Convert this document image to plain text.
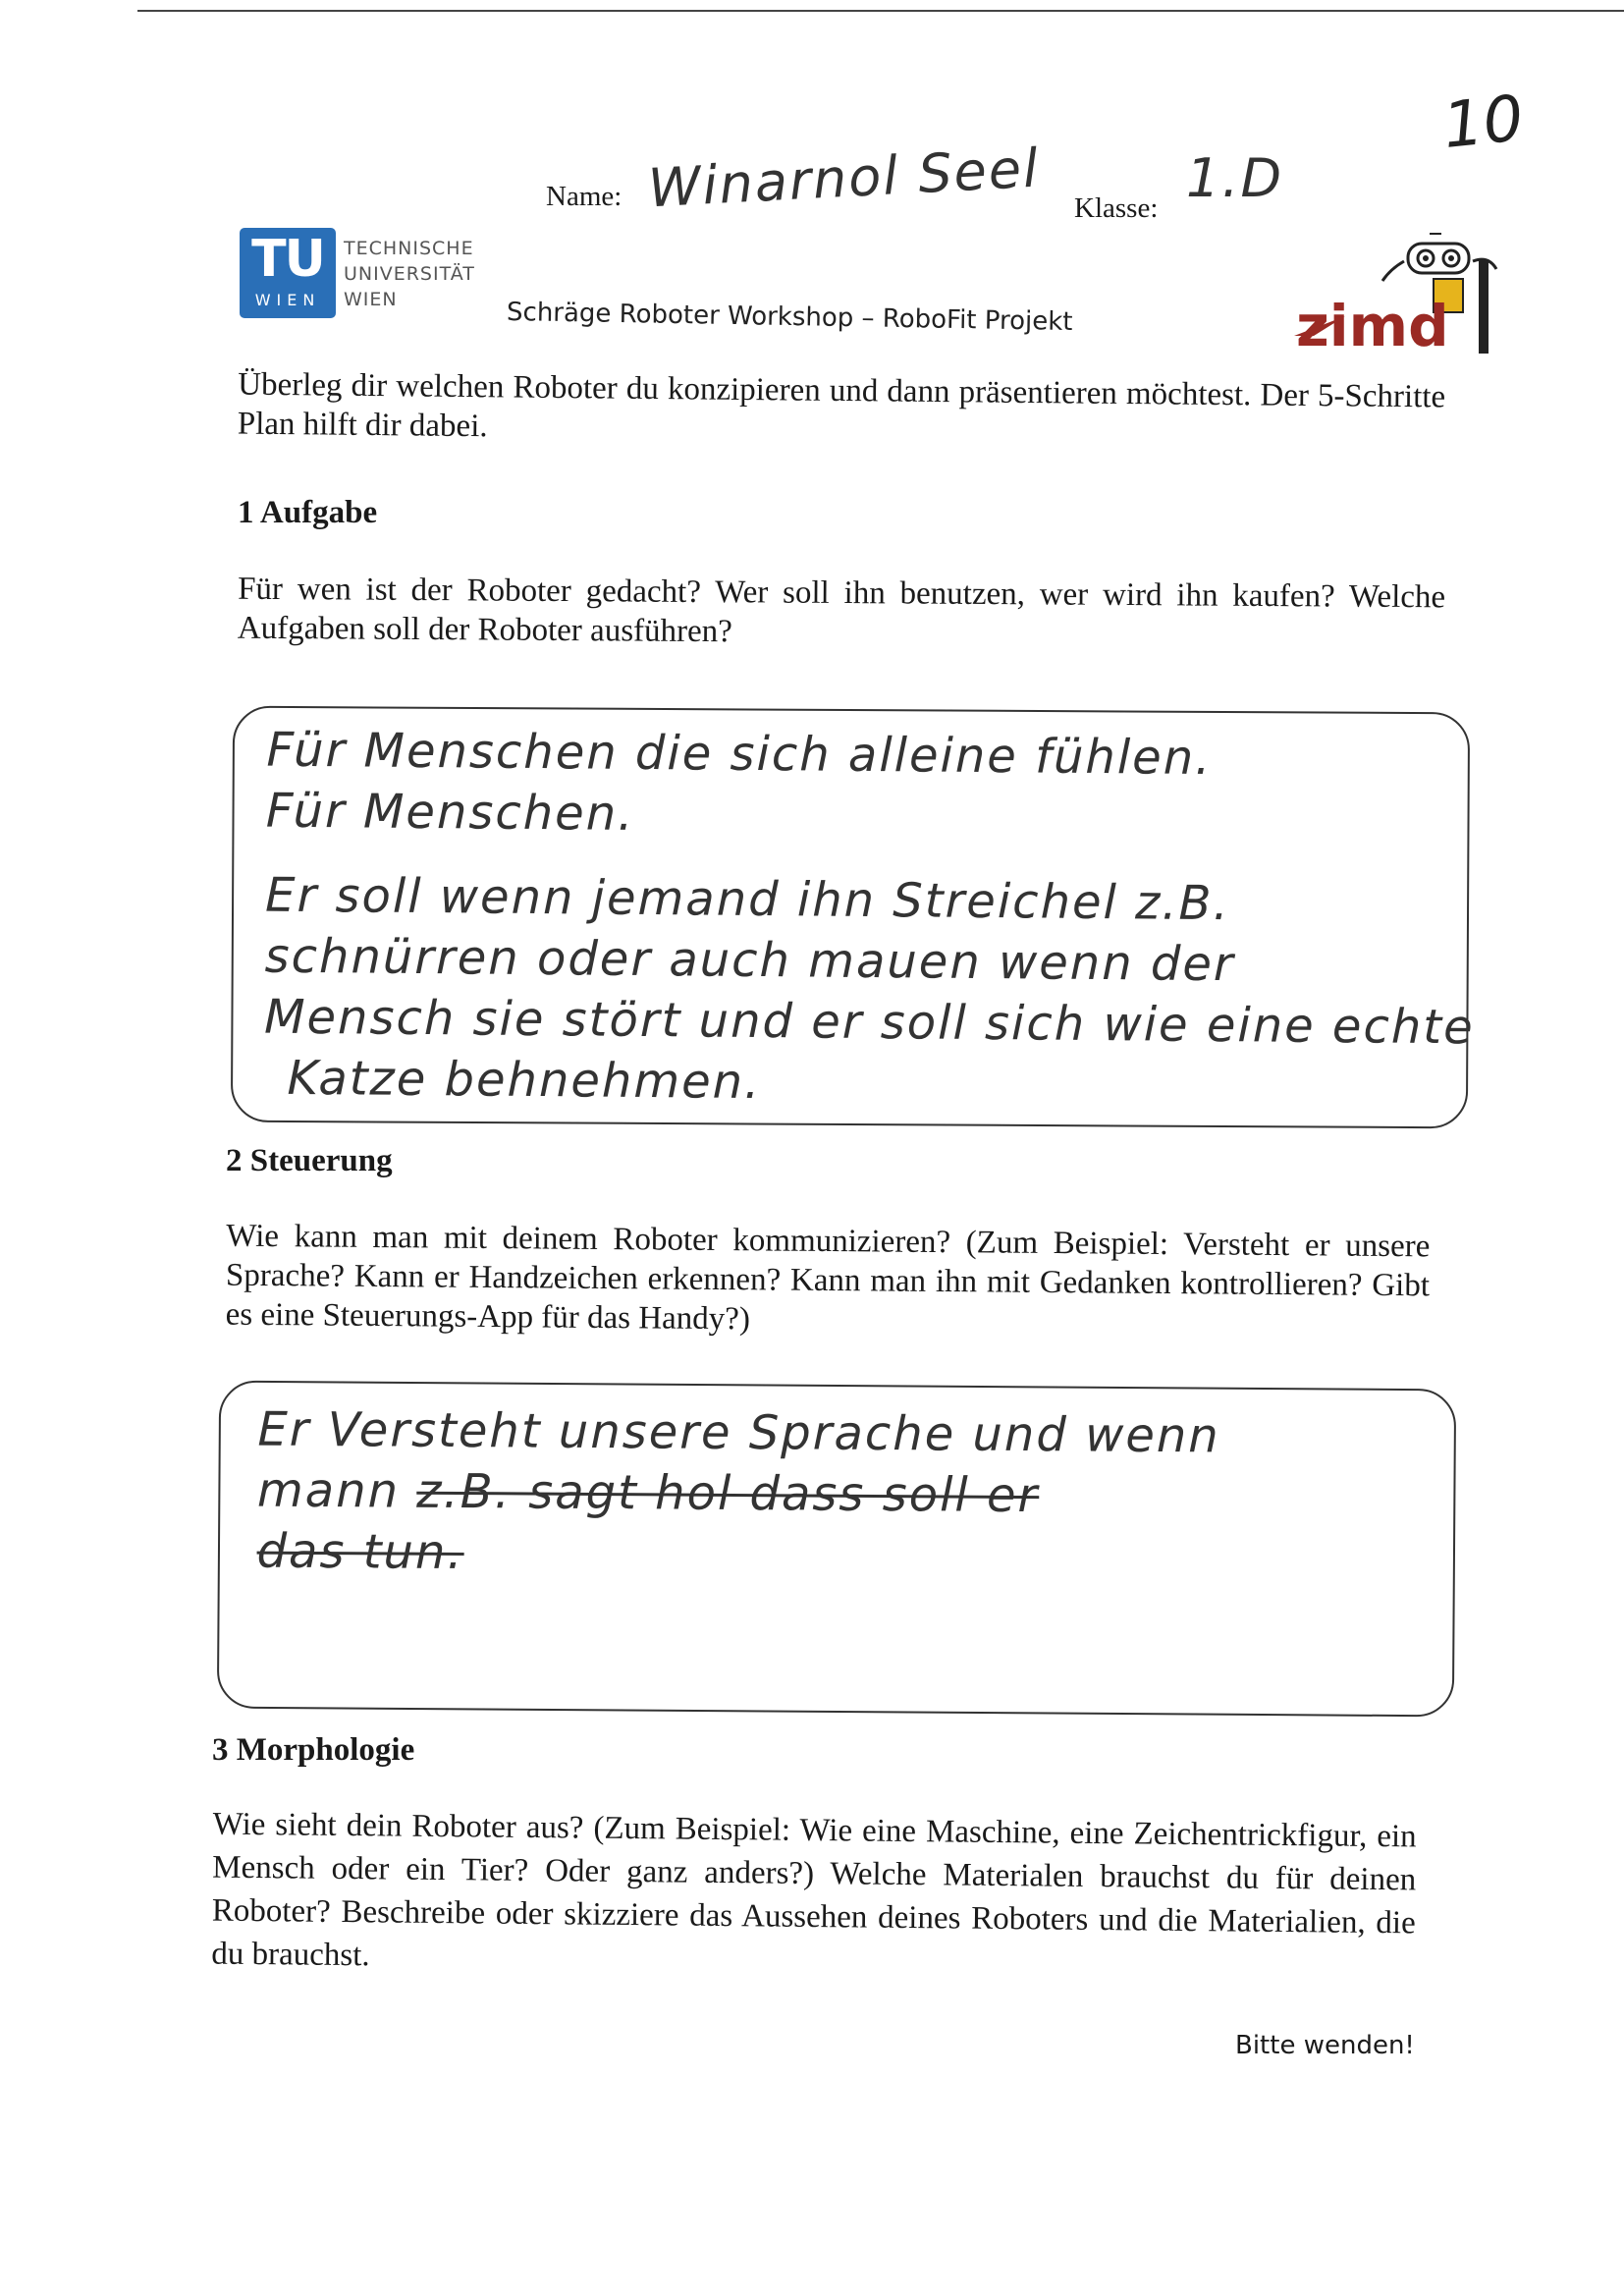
10
Name: Winarnol Seel Klasse: 1.D
TU
WIEN
TECHNISCHE
UNIVERSITÄT
WIEN	Schräge Roboter Workshop – RoboFit Projekt	zimd
Überleg dir welchen Roboter du konzipieren und dann präsentieren möchtest. Der 5-Schritte Plan hilft dir dabei.
1 Aufgabe
Für wen ist der Roboter gedacht? Wer soll ihn benutzen, wer wird ihn kaufen? Welche Aufgaben soll der Roboter ausführen?
Für Menschen die sich alleine fühlen.
Für Menschen.
Er soll wenn jemand ihn Streichel z.B.
schnürren oder auch mauen wenn der
Mensch sie stört und er soll sich wie eine echte
Katze behnehmen.
2 Steuerung
Wie kann man mit deinem Roboter kommunizieren? (Zum Beispiel: Versteht er unsere Sprache? Kann er Handzeichen erkennen? Kann man ihn mit Gedanken kontrollieren? Gibt es eine Steuerungs-App für das Handy?)
Er Versteht unsere Sprache und wenn
mann z.B. sagt hol dass soll er
das tun.
3 Morphologie
Wie sieht dein Roboter aus? (Zum Beispiel: Wie eine Maschine, eine Zeichentrickfigur, ein Mensch oder ein Tier? Oder ganz anders?) Welche Materialen brauchst du für deinen Roboter? Beschreibe oder skizziere das Aussehen deines Roboters und die Materialien, die du brauchst.
Bitte wenden!
